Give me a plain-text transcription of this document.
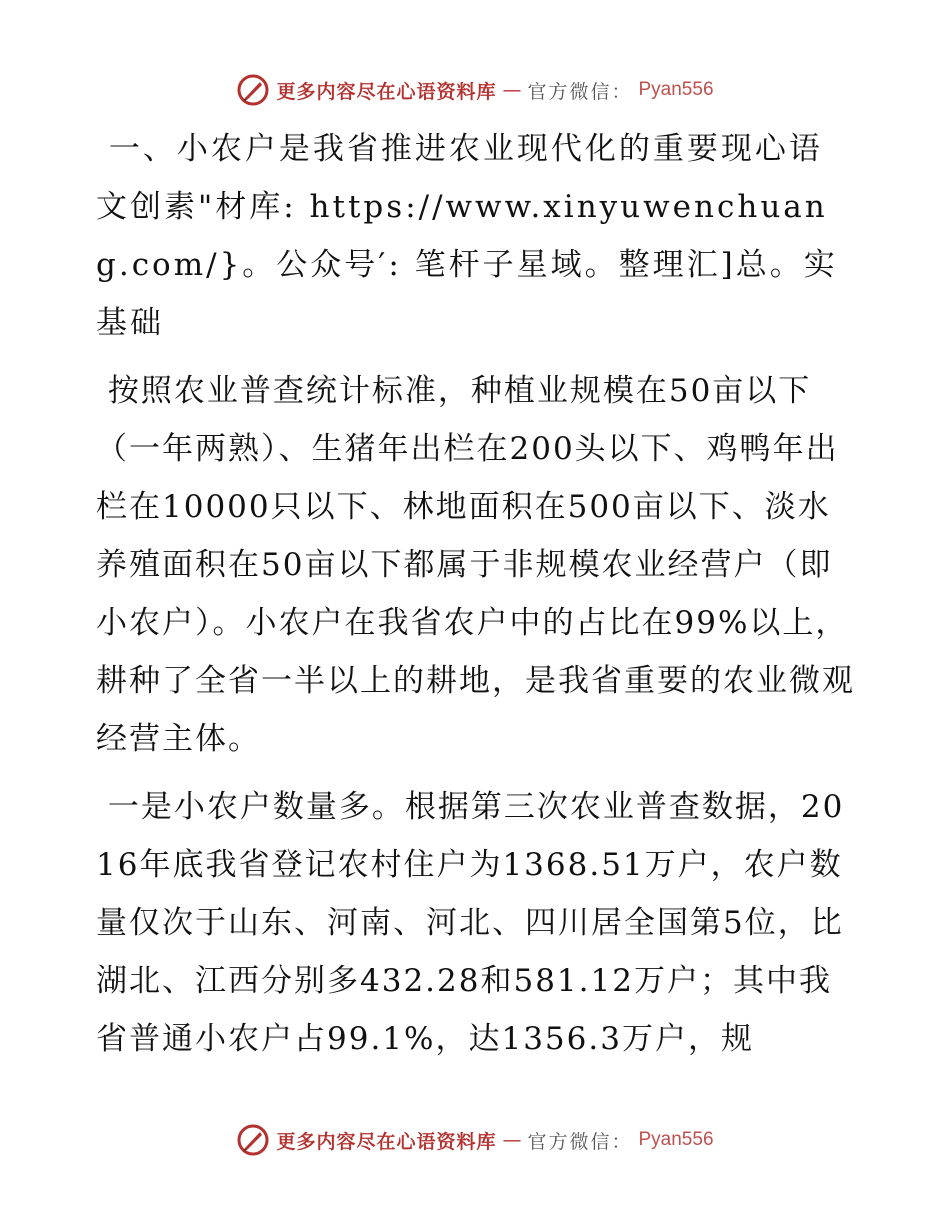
更多内容尽在心语资料库 — 官方微信： Pyan556

一、小农户是我省推进农业现代化的重要现心语文创素"材库: https://www.xinyuwenchuang.com/}。公众号′: 笔杆子星域。整理汇]总。实基础

按照农业普查统计标准，种植业规模在50亩以下（一年两熟）、生猪年出栏在200头以下、鸡鸭年出栏在10000只以下、林地面积在500亩以下、淡水养殖面积在50亩以下都属于非规模农业经营户（即小农户）。小农户在我省农户中的占比在99%以上，耕种了全省一半以上的耕地，是我省重要的农业微观经营主体。

一是小农户数量多。根据第三次农业普查数据，2016年底我省登记农村住户为1368.51万户，农户数量仅次于山东、河南、河北、四川居全国第5位，比湖北、江西分别多432.28和581.12万户；其中我省普通小农户占99.1%，达1356.3万户，规

更多内容尽在心语资料库 — 官方微信： Pyan556
